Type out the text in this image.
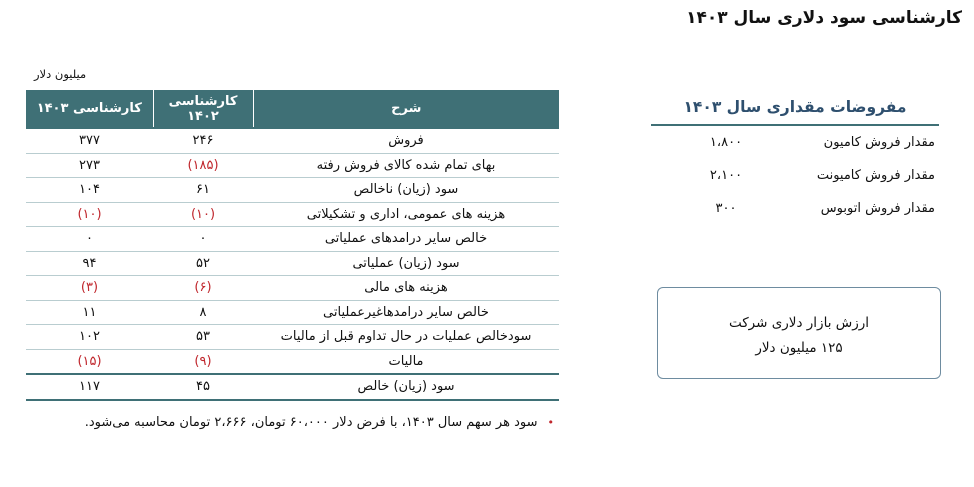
کارشناسی سود دلاری سال ۱۴۰۳
میلیون دلار
شرح	کارشناسی ۱۴۰۲	کارشناسی ۱۴۰۳
فروش	۲۴۶	۳۷۷
بهای تمام شده کالای فروش رفته	(۱۸۵)	۲۷۳
سود (زیان) ناخالص	۶۱	۱۰۴
هزینه های عمومی، اداری و تشکیلاتی	(۱۰)	(۱۰)
خالص سایر درامدهای عملیاتی	۰	۰
سود (زیان) عملیاتی	۵۲	۹۴
هزینه های مالی	(۶)	(۳)
خالص سایر درامدهاغیرعملیاتی	۸	۱۱
سودخالص عملیات در حال تداوم قبل از مالیات	۵۳	۱۰۲
مالیات	(۹)	(۱۵)
سود (زیان) خالص	۴۵	۱۱۷
•سود هر سهم سال ۱۴۰۳، با فرض دلار ۶۰،۰۰۰ تومان، ۲،۶۶۶ تومان محاسبه می‌شود.
مفروضات مقداری سال ۱۴۰۳
مقدار فروش کامیون
۱،۸۰۰
مقدار فروش کامیونت
۲،۱۰۰
مقدار فروش اتوبوس
۳۰۰
ارزش بازار دلاری شرکت
۱۲۵ میلیون دلار
